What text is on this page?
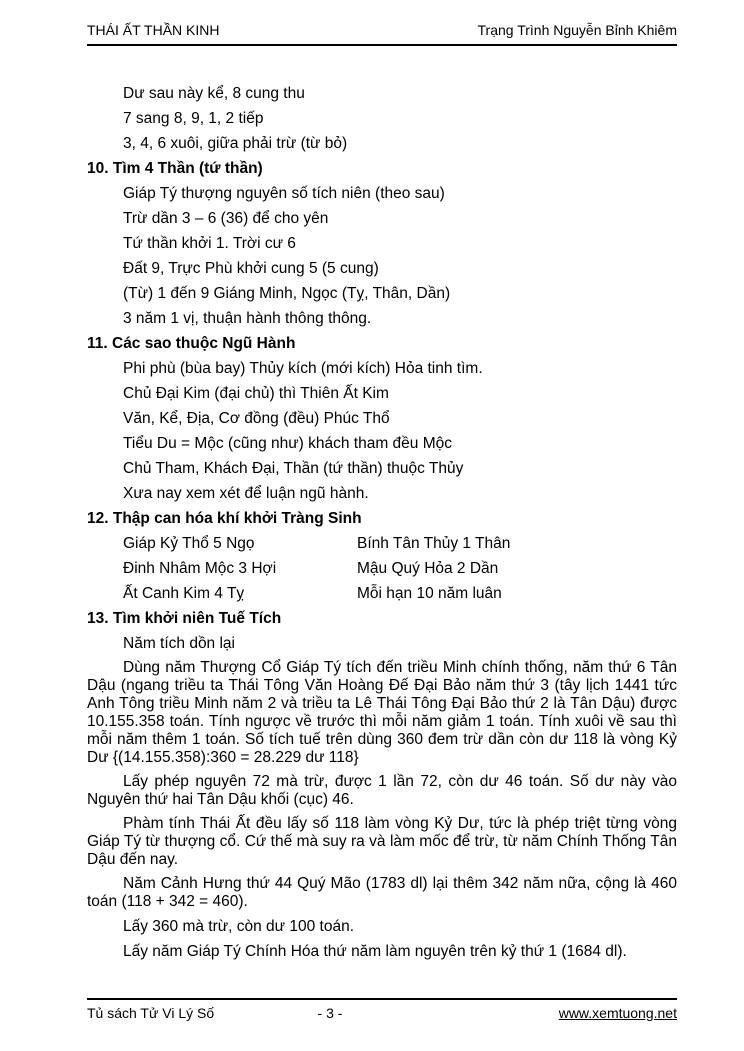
THÁI ẤT THẦN KINH	Trạng Trình Nguyễn Bỉnh Khiêm
Dư sau này kể, 8 cung thu
7 sang 8, 9, 1, 2 tiếp
3, 4, 6 xuôi, giữa phải trừ (từ bỏ)
10. Tìm 4 Thần (tứ thần)
Giáp Tý thượng nguyên số tích niên (theo sau)
Trừ dần 3 – 6 (36) để cho yên
Tứ thần khởi 1. Trời cư 6
Đất 9, Trực Phù khởi cung 5 (5 cung)
(Từ) 1 đến 9 Giáng Minh, Ngọc (Tỵ, Thân, Dần)
3 năm 1 vị, thuận hành thông thông.
11. Các sao thuộc Ngũ Hành
Phi phù (bùa bay) Thủy kích (mới kích) Hỏa tinh tìm.
Chủ Đại Kim (đại chủ) thì Thiên Ất Kim
Văn, Kể, Địa, Cơ đồng (đều) Phúc Thổ
Tiểu Du = Mộc (cũng như) khách tham đều Mộc
Chủ Tham, Khách Đại, Thần (tứ thần) thuộc Thủy
Xưa nay xem xét để luận ngũ hành.
12. Thập can hóa khí khởi Tràng Sinh
Giáp Kỷ Thổ 5 Ngọ	Bính Tân Thủy 1 Thân
Đinh Nhâm Mộc 3 Hợi	Mậu Quý Hỏa 2 Dần
Ất Canh Kim 4 Tỵ	Mỗi hạn 10 năm luân
13. Tìm khởi niên Tuế Tích
Năm tích dồn lại
Dùng năm Thượng Cổ Giáp Tý tích đến triều Minh chính thống, năm thứ 6 Tân Dậu (ngang triều ta Thái Tông Văn Hoàng Đế Đại Bảo năm thứ 3 (tây lịch 1441 tức Anh Tông triều Minh năm 2 và triều ta Lê Thái Tông Đại Bảo thứ 2 là Tân Dậu) được 10.155.358 toán. Tính ngược về trước thì mỗi năm giảm 1 toán. Tính xuôi về sau thì mỗi năm thêm 1 toán. Số tích tuế trên dùng 360 đem trừ dần còn dư 118 là vòng Kỷ Dư {(14.155.358):360 = 28.229 dư 118}
Lấy phép nguyên 72 mà trừ, được 1 lần 72, còn dư 46 toán. Số dư này vào Nguyên thứ hai Tân Dậu khối (cục) 46.
Phàm tính Thái Ất đều lấy số 118 làm vòng Kỷ Dư, tức là phép triệt từng vòng Giáp Tý từ thượng cổ. Cứ thế mà suy ra và làm mốc để trừ, từ năm Chính Thống Tân Dậu đến nay.
Năm Cảnh Hưng thứ 44 Quý Mão (1783 dl) lại thêm 342 năm nữa, cộng là 460 toán (118 + 342 = 460).
Lấy 360 mà trừ, còn dư 100 toán.
Lấy năm Giáp Tý Chính Hóa thứ năm làm nguyên trên kỷ thứ 1 (1684 dl).
Tủ sách Tử Vi Lý Số	- 3 -	www.xemtuong.net
